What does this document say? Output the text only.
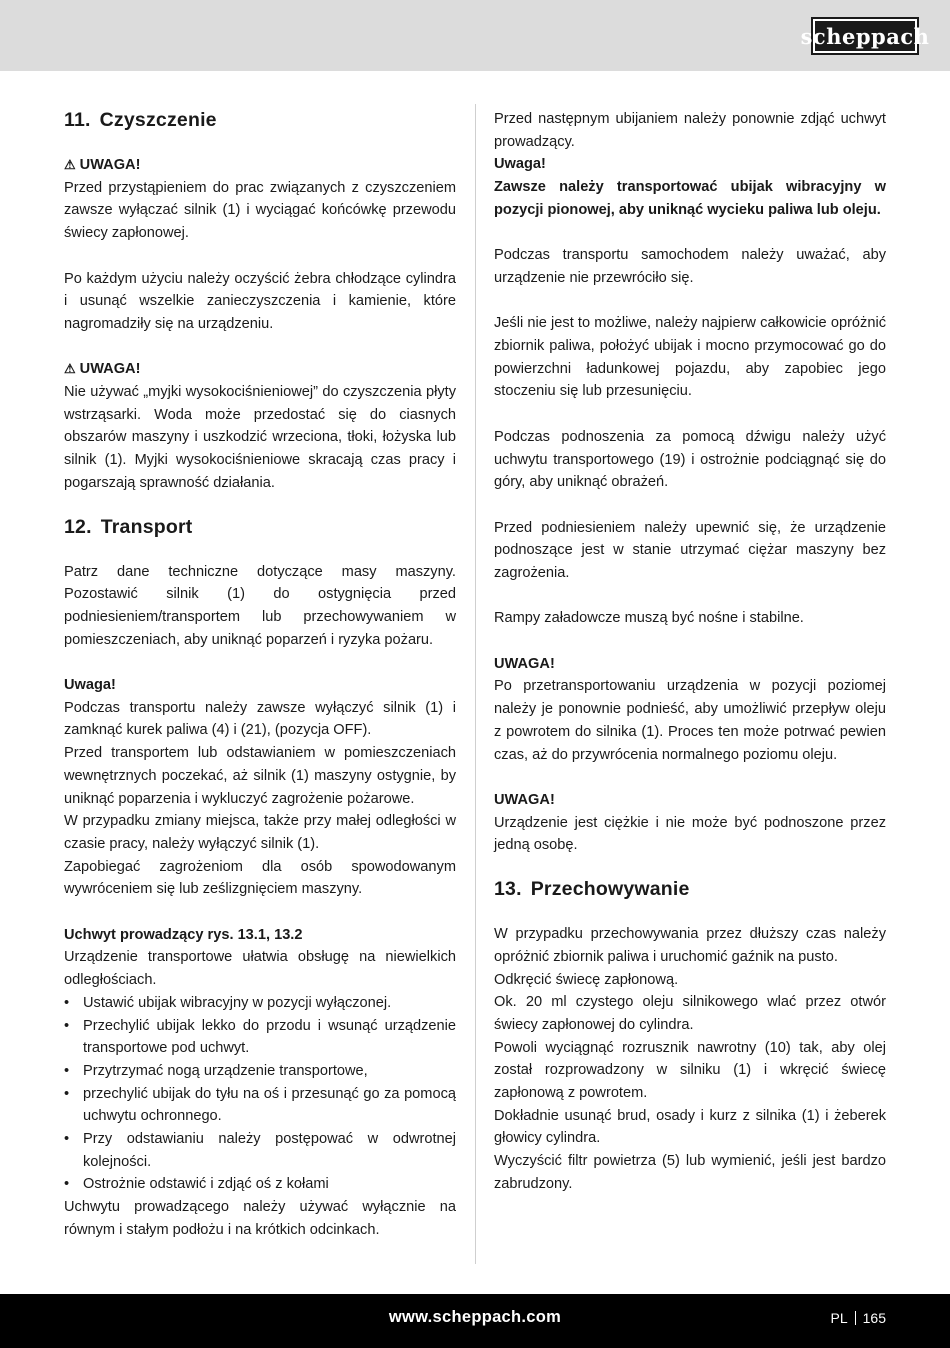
scheppach
11. Czyszczenie

⚠ UWAGA!

Przed przystąpieniem do prac związanych z czyszczeniem zawsze wyłączać silnik (1) i wyciągać końcówkę przewodu świecy zapłonowej.

Po każdym użyciu należy oczyścić żebra chłodzące cylindra i usunąć wszelkie zanieczyszczenia i kamienie, które nagromadziły się na urządzeniu.

⚠ UWAGA!

Nie używać „myjki wysokociśnieniowej” do czyszczenia płyty wstrząsarki. Woda może przedostać się do ciasnych obszarów maszyny i uszkodzić wrzeciona, tłoki, łożyska lub silnik (1). Myjki wysokociśnieniowe skracają czas pracy i pogarszają sprawność działania.

12. Transport

Patrz dane techniczne dotyczące masy maszyny. Pozostawić silnik (1) do ostygnięcia przed podniesieniem/transportem lub przechowywaniem w pomieszczeniach, aby uniknąć poparzeń i ryzyka pożaru.

Uwaga!

Podczas transportu należy zawsze wyłączyć silnik (1) i zamknąć kurek paliwa (4) i (21), (pozycja OFF).

Przed transportem lub odstawianiem w pomieszczeniach wewnętrznych poczekać, aż silnik (1) maszyny ostygnie, by uniknąć poparzenia i wykluczyć zagrożenie pożarowe.

W przypadku zmiany miejsca, także przy małej odległości w czasie pracy, należy wyłączyć silnik (1).

Zapobiegać zagrożeniom dla osób spowodowanym wywróceniem się lub ześlizgnięciem maszyny.

Uchwyt prowadzący rys. 13.1, 13.2

Urządzenie transportowe ułatwia obsługę na niewielkich odległościach.

• Ustawić ubijak wibracyjny w pozycji wyłączonej.
• Przechylić ubijak lekko do przodu i wsunąć urządzenie transportowe pod uchwyt.
• Przytrzymać nogą urządzenie transportowe,
• przechylić ubijak do tyłu na oś i przesunąć go za pomocą uchwytu ochronnego.
• Przy odstawianiu należy postępować w odwrotnej kolejności.
• Ostrożnie odstawić i zdjąć oś z kołami

Uchwytu prowadzącego należy używać wyłącznie na równym i stałym podłożu i na krótkich odcinkach.

Przed następnym ubijaniem należy ponownie zdjąć uchwyt prowadzący.

Uwaga!

Zawsze należy transportować ubijak wibracyjny w pozycji pionowej, aby uniknąć wycieku paliwa lub oleju.

Podczas transportu samochodem należy uważać, aby urządzenie nie przewróciło się.

Jeśli nie jest to możliwe, należy najpierw całkowicie opróżnić zbiornik paliwa, położyć ubijak i mocno przymocować go do powierzchni ładunkowej pojazdu, aby zapobiec jego stoczeniu się lub przesunięciu.

Podczas podnoszenia za pomocą dźwigu należy użyć uchwytu transportowego (19) i ostrożnie podciągnąć się do góry, aby uniknąć obrażeń.

Przed podniesieniem należy upewnić się, że urządzenie podnoszące jest w stanie utrzymać ciężar maszyny bez zagrożenia.

Rampy załadowcze muszą być nośne i stabilne.

UWAGA!

Po przetransportowaniu urządzenia w pozycji poziomej należy je ponownie podnieść, aby umożliwić przepływ oleju z powrotem do silnika (1). Proces ten może potrwać pewien czas, aż do przywrócenia normalnego poziomu oleju.

UWAGA!

Urządzenie jest ciężkie i nie może być podnoszone przez jedną osobę.

13. Przechowywanie

W przypadku przechowywania przez dłuższy czas należy opróżnić zbiornik paliwa i uruchomić gaźnik na pusto.

Odkręcić świecę zapłonową.

Ok. 20 ml czystego oleju silnikowego wlać przez otwór świecy zapłonowej do cylindra.

Powoli wyciągnąć rozrusznik nawrotny (10) tak, aby olej został rozprowadzony w silniku (1) i wkręcić świecę zapłonową z powrotem.

Dokładnie usunąć brud, osady i kurz z silnika (1) i żeberek głowicy cylindra.

Wyczyścić filtr powietrza (5) lub wymienić, jeśli jest bardzo zabrudzony.

www.scheppach.com	PL 165
